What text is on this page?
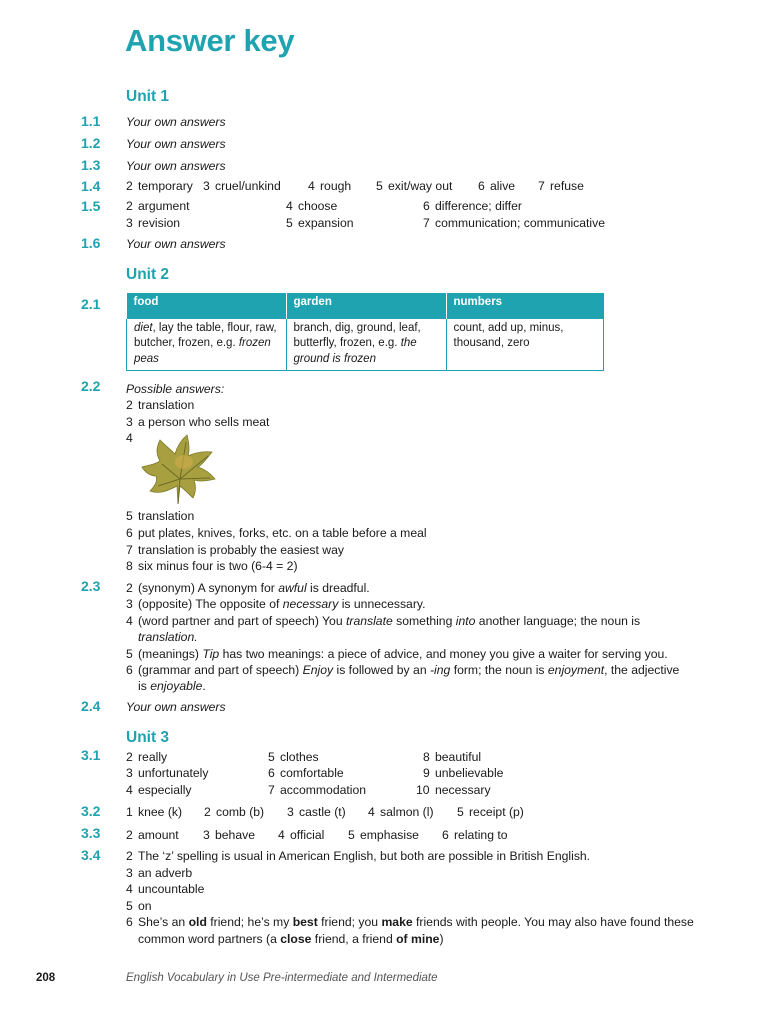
Answer key
Unit 1
1.1 Your own answers
1.2 Your own answers
1.3 Your own answers
1.4 2 temporary 3 cruel/unkind 4 rough 5 exit/way out 6 alive 7 refuse
1.5 2 argument	4 choose	6 difference; differ
3 revision	5 expansion	7 communication; communicative
1.6 Your own answers
Unit 2
2.1	food	garden	numbers
diet, lay the table, flour, raw, butcher, frozen, e.g. frozen peas	branch, dig, ground, leaf, butterfly, frozen, e.g. the ground is frozen	count, add up, minus, thousand, zero
2.2 Possible answers:
2 translation
3 a person who sells meat
4
5 translation
6 put plates, knives, forks, etc. on a table before a meal
7 translation is probably the easiest way
8 six minus four is two (6-4 = 2)
2.3 2 (synonym) A synonym for awful is dreadful.
3 (opposite) The opposite of necessary is unnecessary.
4 (word partner and part of speech) You translate something into another language; the noun is
translation.
5 (meanings) Tip has two meanings: a piece of advice, and money you give a waiter for serving you.
6 (grammar and part of speech) Enjoy is followed by an -ing form; the noun is enjoyment, the adjective
is enjoyable.
2.4 Your own answers
Unit 3
3.1 2 really	5 clothes	8 beautiful
3 unfortunately	6 comfortable	9 unbelievable
4 especially	7 accommodation	10 necessary
3.2 1 knee (k) 2 comb (b) 3 castle (t) 4 salmon (l) 5 receipt (p)
3.3 2 amount 3 behave 4 official 5 emphasise 6 relating to
3.4 2 The ‘z’ spelling is usual in American English, but both are possible in British English.
3 an adverb
4 uncountable
5 on
6 She’s an old friend; he’s my best friend; you make friends with people. You may also have found these
common word partners (a close friend, a friend of mine)
208	English Vocabulary in Use Pre-intermediate and Intermediate
